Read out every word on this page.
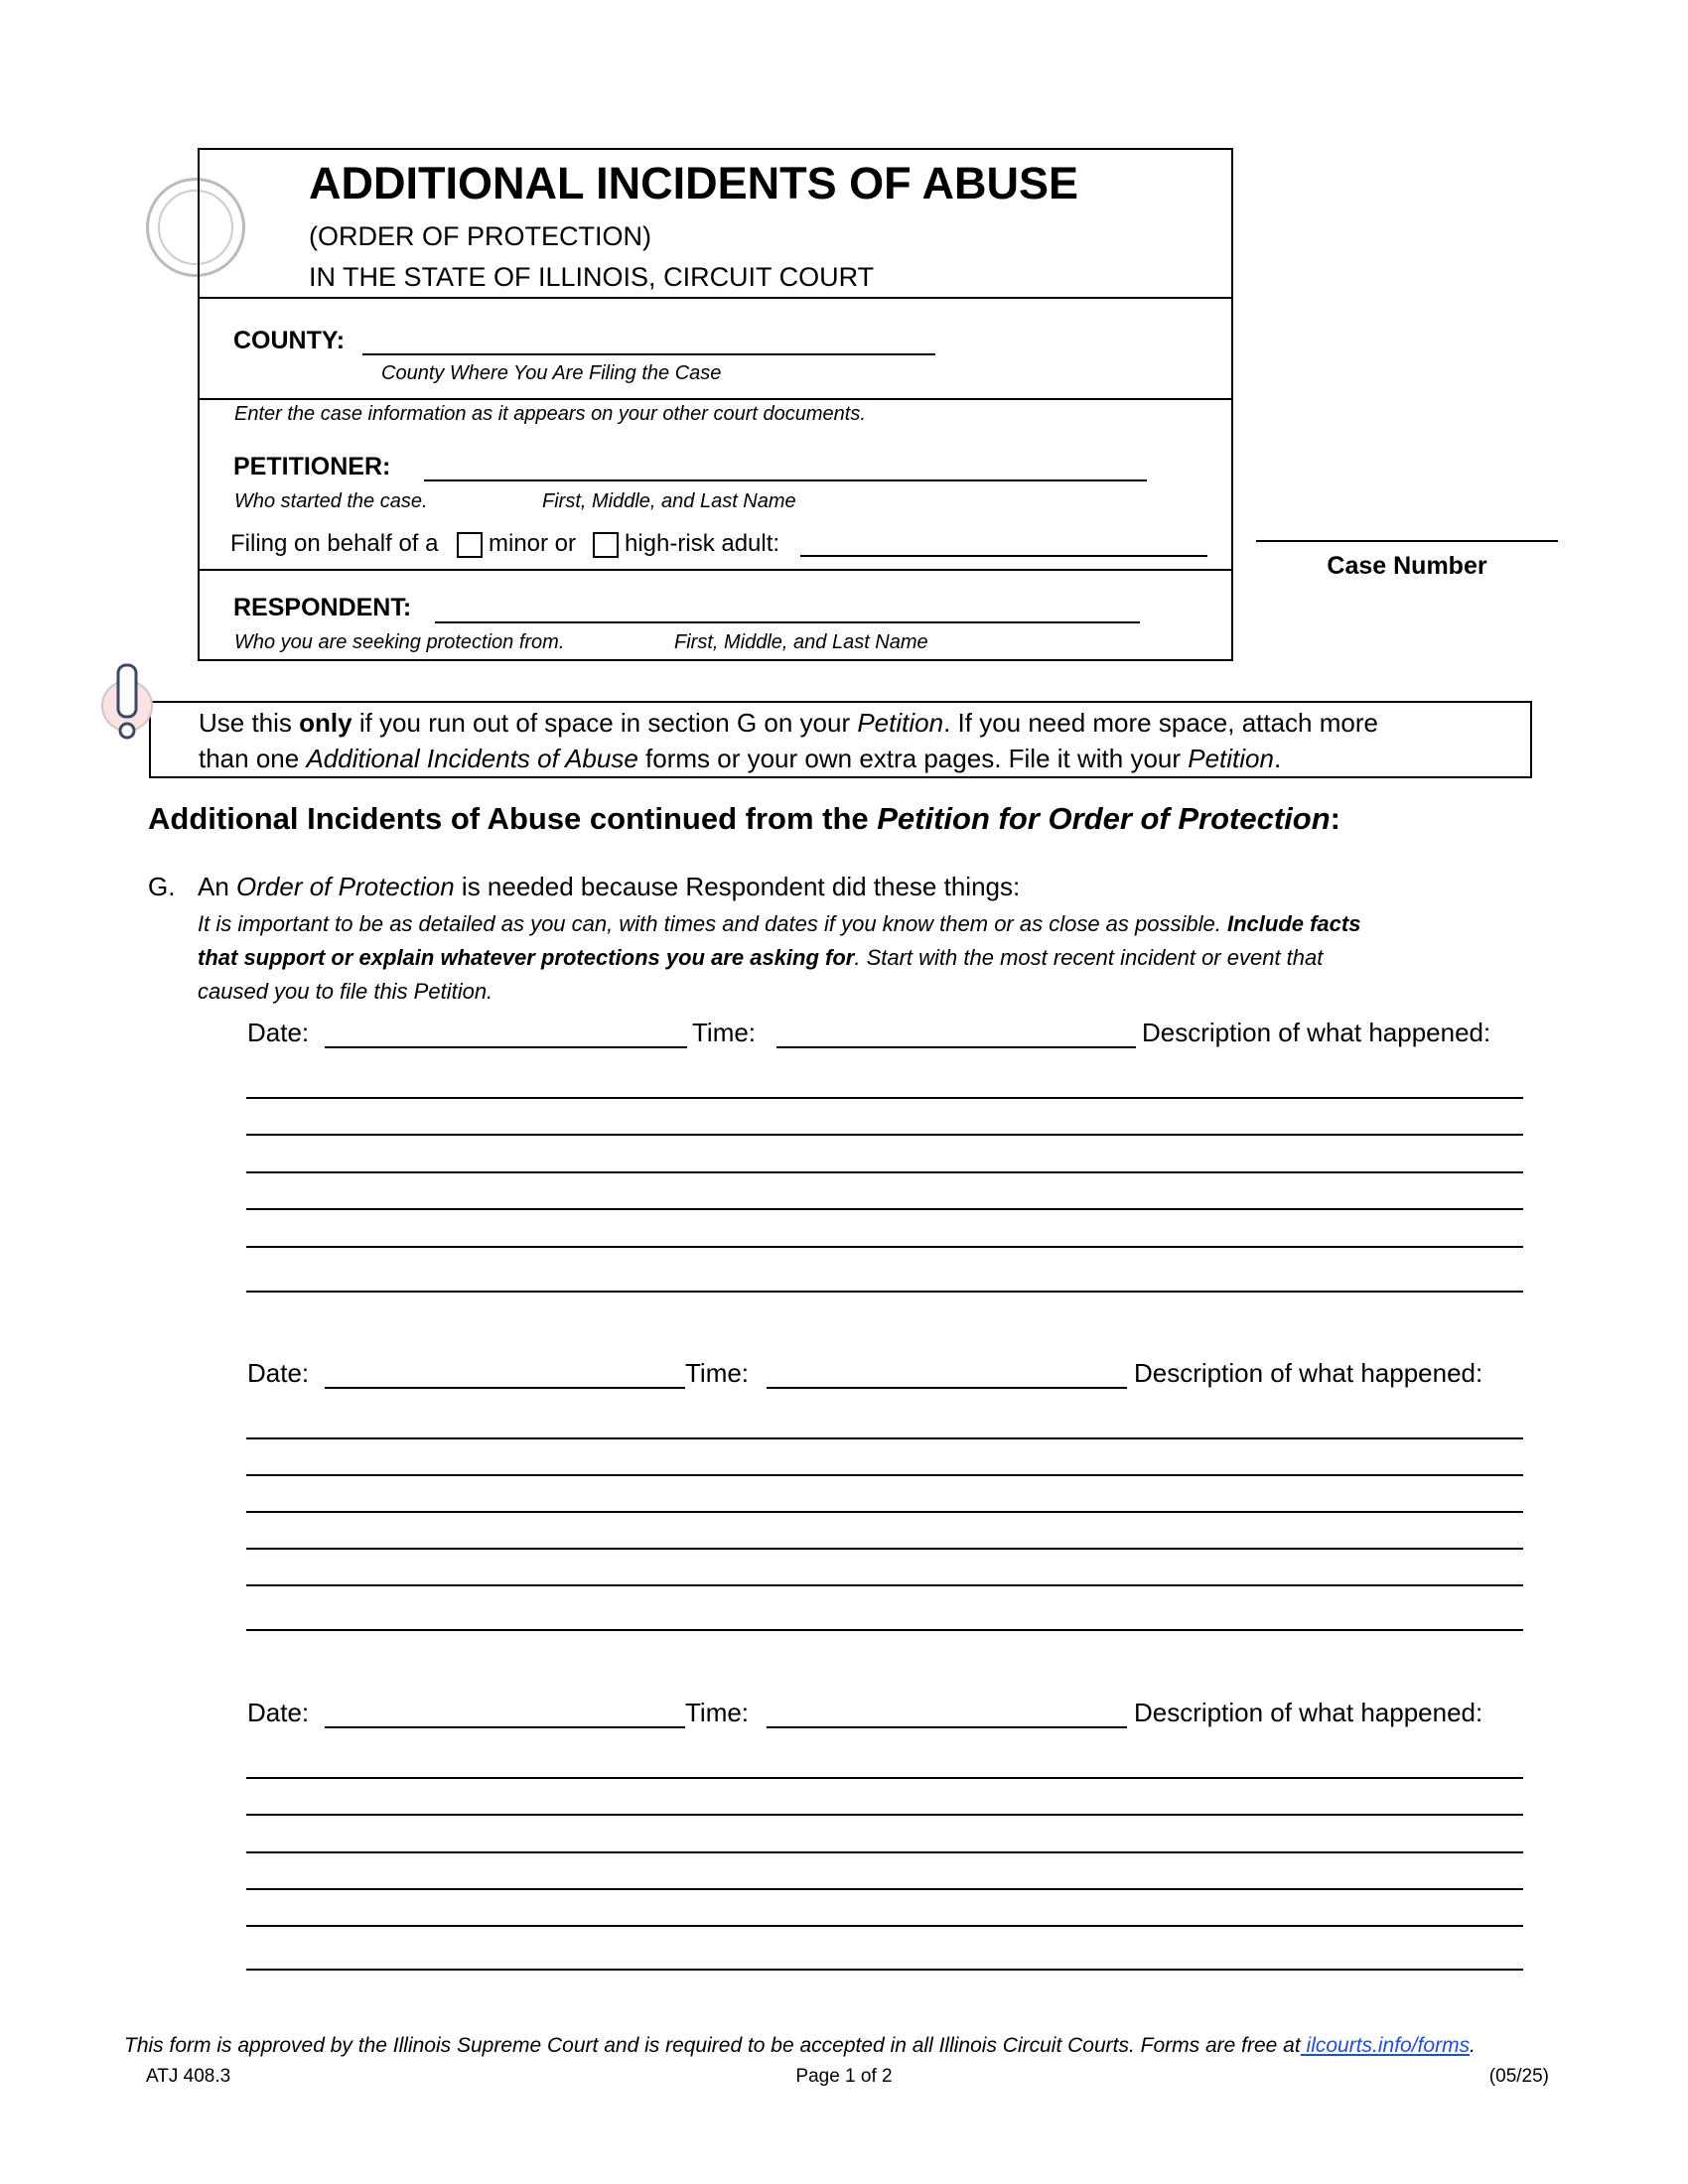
ADDITIONAL INCIDENTS OF ABUSE
(ORDER OF PROTECTION)
IN THE STATE OF ILLINOIS, CIRCUIT COURT
COUNTY:
County Where You Are Filing the Case
Enter the case information as it appears on your other court documents.
PETITIONER:
Who started the case.	First, Middle, and Last Name
Filing on behalf of a minor or high-risk adult:
RESPONDENT:
Who you are seeking protection from.	First, Middle, and Last Name
Case Number
Use this only if you run out of space in section G on your Petition. If you need more space, attach more
than one Additional Incidents of Abuse forms or your own extra pages. File it with your Petition.
Additional Incidents of Abuse continued from the Petition for Order of Protection:
G. An Order of Protection is needed because Respondent did these things:
It is important to be as detailed as you can, with times and dates if you know them or as close as possible. Include facts
that support or explain whatever protections you are asking for. Start with the most recent incident or event that
caused you to file this Petition.
Date:	Time:	Description of what happened:
Date:	Time:	Description of what happened:
Date:	Time:	Description of what happened:
This form is approved by the Illinois Supreme Court and is required to be accepted in all Illinois Circuit Courts. Forms are free at ilcourts.info/forms.
ATJ 408.3	Page 1 of 2	(05/25)
